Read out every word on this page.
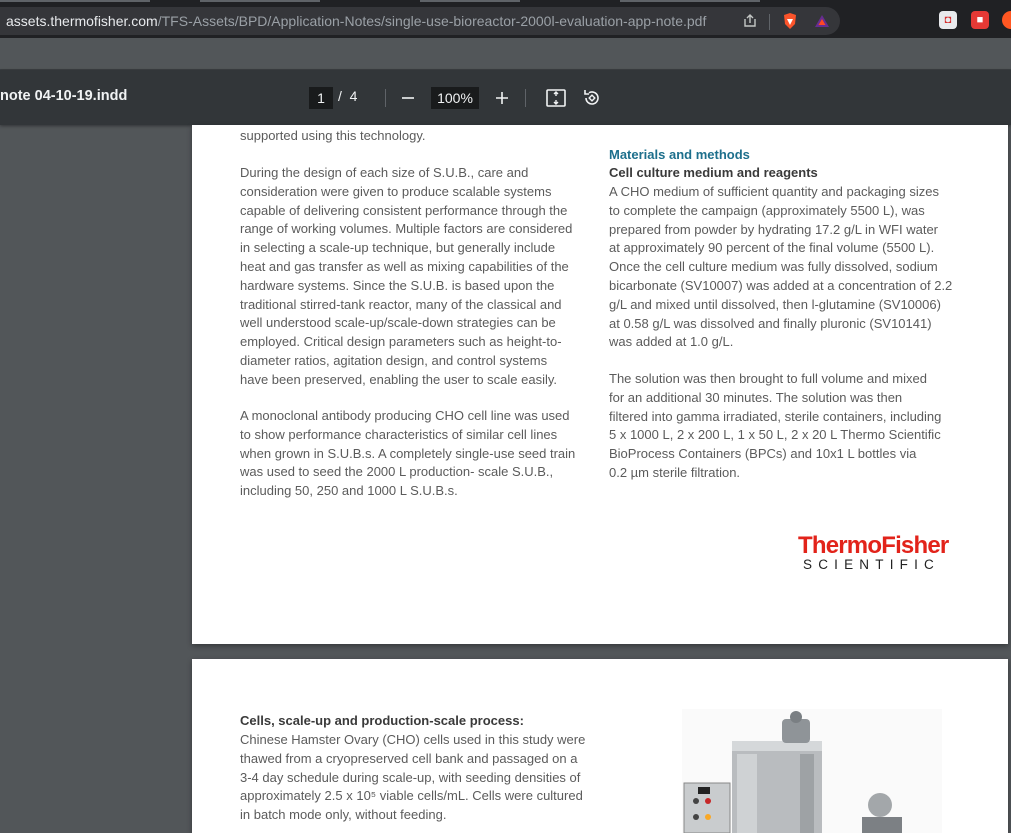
assets.thermofisher.com/TFS-Assets/BPD/Application-Notes/single-use-bioreactor-2000l-evaluation-app-note.pdf	◘	■
note 04-10-19.indd	1 / 4	100%
supported using this technology.
During the design of each size of S.U.B., care and
consideration were given to produce scalable systems
capable of delivering consistent performance through the
range of working volumes. Multiple factors are considered
in selecting a scale-up technique, but generally include
heat and gas transfer as well as mixing capabilities of the
hardware systems. Since the S.U.B. is based upon the
traditional stirred-tank reactor, many of the classical and
well understood scale-up/scale-down strategies can be
employed. Critical design parameters such as height-to-
diameter ratios, agitation design, and control systems
have been preserved, enabling the user to scale easily.
A monoclonal antibody producing CHO cell line was used
to show performance characteristics of similar cell lines
when grown in S.U.B.s. A completely single-use seed train
was used to seed the 2000 L production- scale S.U.B.,
including 50, 250 and 1000 L S.U.B.s.
Materials and methods
Cell culture medium and reagents
A CHO medium of sufficient quantity and packaging sizes
to complete the campaign (approximately 5500 L), was
prepared from powder by hydrating 17.2 g/L in WFI water
at approximately 90 percent of the final volume (5500 L).
Once the cell culture medium was fully dissolved, sodium
bicarbonate (SV10007) was added at a concentration of 2.2
g/L and mixed until dissolved, then l-glutamine (SV10006)
at 0.58 g/L was dissolved and finally pluronic (SV10141)
was added at 1.0 g/L.
The solution was then brought to full volume and mixed
for an additional 30 minutes. The solution was then
filtered into gamma irradiated, sterile containers, including
5 x 1000 L, 2 x 200 L, 1 x 50 L, 2 x 20 L Thermo Scientific
BioProcess Containers (BPCs) and 10x1 L bottles via
0.2 µm sterile filtration.
ThermoFisher
SCIENTIFIC
Cells, scale-up and production-scale process:
Chinese Hamster Ovary (CHO) cells used in this study were
thawed from a cryopreserved cell bank and passaged on a
3-4 day schedule during scale-up, with seeding densities of
approximately 2.5 x 10⁵ viable cells/mL. Cells were cultured
in batch mode only, without feeding.
